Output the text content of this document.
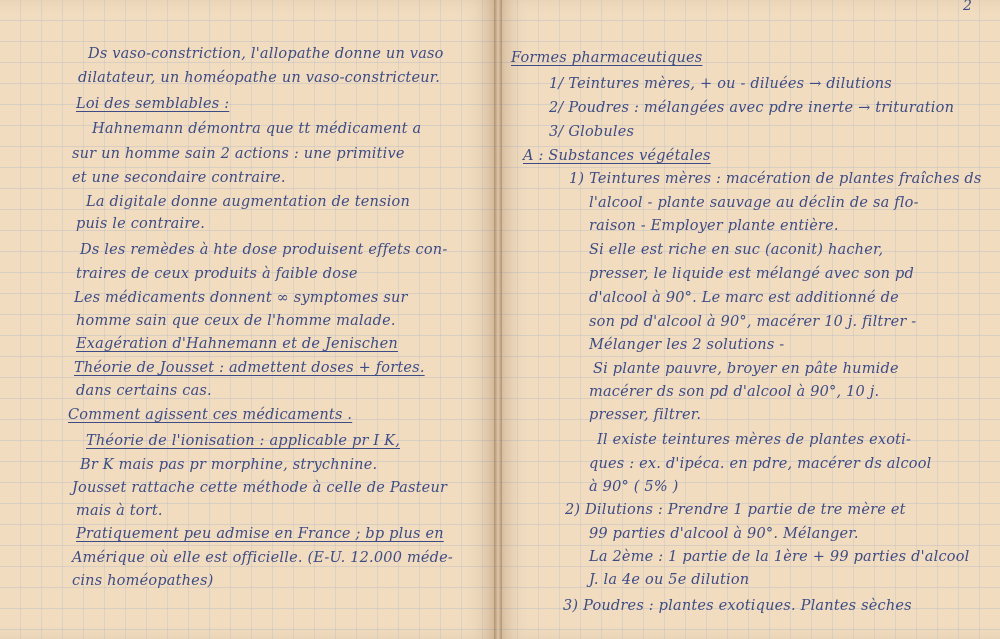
Ds vaso-constriction, l'allopathe donne un vaso
dilatateur, un homéopathe un vaso-constricteur.
Loi des semblables :
Hahnemann démontra que tt médicament a
sur un homme sain 2 actions : une primitive
et une secondaire contraire.
La digitale donne augmentation de tension
puis le contraire.
Ds les remèdes à hte dose produisent effets con-
traires de ceux produits à faible dose
Les médicaments donnent ∞ symptomes sur
homme sain que ceux de l'homme malade.
Exagération d'Hahnemann et de Jenischen
Théorie de Jousset : admettent doses + fortes.
dans certains cas.
Comment agissent ces médicaments .
Théorie de l'ionisation : applicable pr I K,
Br K mais pas pr morphine, strychnine.
Jousset rattache cette méthode à celle de Pasteur
mais à tort.
Pratiquement peu admise en France ; bp plus en
Amérique où elle est officielle. (E-U. 12.000 méde-
cins homéopathes)
2
Formes pharmaceutiques
1/ Teintures mères, + ou - diluées → dilutions
2/ Poudres : mélangées avec pdre inerte → trituration
3/ Globules
A : Substances végétales
1) Teintures mères : macération de plantes fraîches ds
l'alcool - plante sauvage au déclin de sa flo-
raison - Employer plante entière.
Si elle est riche en suc (aconit) hacher,
presser, le liquide est mélangé avec son pd
d'alcool à 90°. Le marc est additionné de
son pd d'alcool à 90°, macérer 10 j. filtrer -
Mélanger les 2 solutions -
Si plante pauvre, broyer en pâte humide
macérer ds son pd d'alcool à 90°, 10 j.
presser, filtrer.
Il existe teintures mères de plantes exoti-
ques : ex. d'ipéca. en pdre, macérer ds alcool
à 90° ( 5% )
2) Dilutions : Prendre 1 partie de tre mère et
99 parties d'alcool à 90°. Mélanger.
La 2ème : 1 partie de la 1ère + 99 parties d'alcool
J. la 4e ou 5e dilution
3) Poudres : plantes exotiques. Plantes sèches
